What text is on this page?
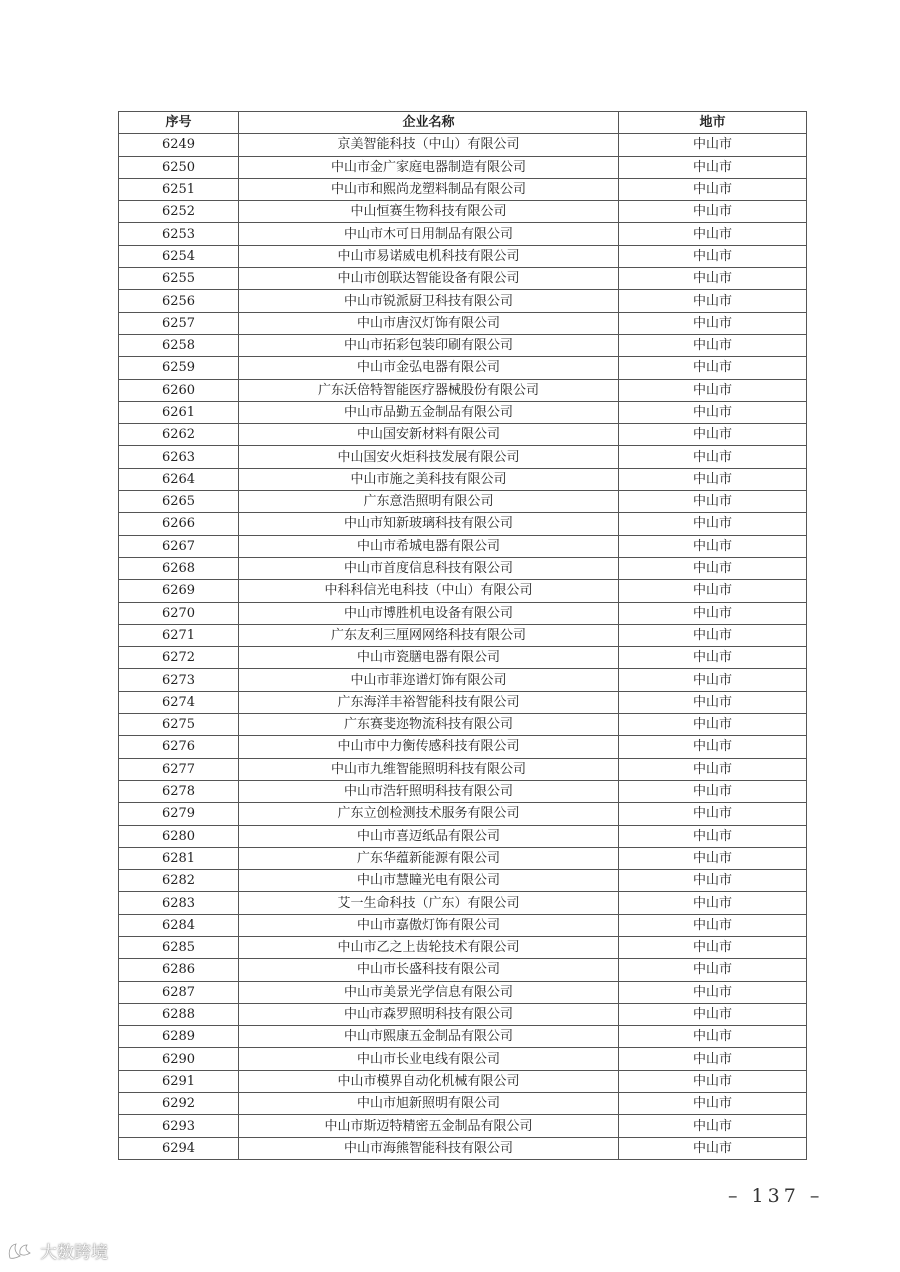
序号	企业名称	地市
6249	京美智能科技（中山）有限公司	中山市
6250	中山市金广家庭电器制造有限公司	中山市
6251	中山市和熙尚龙塑料制品有限公司	中山市
6252	中山恒赛生物科技有限公司	中山市
6253	中山市木可日用制品有限公司	中山市
6254	中山市易诺威电机科技有限公司	中山市
6255	中山市创联达智能设备有限公司	中山市
6256	中山市锐派厨卫科技有限公司	中山市
6257	中山市唐汉灯饰有限公司	中山市
6258	中山市拓彩包装印刷有限公司	中山市
6259	中山市金弘电器有限公司	中山市
6260	广东沃倍特智能医疗器械股份有限公司	中山市
6261	中山市品勤五金制品有限公司	中山市
6262	中山国安新材料有限公司	中山市
6263	中山国安火炬科技发展有限公司	中山市
6264	中山市施之美科技有限公司	中山市
6265	广东意浩照明有限公司	中山市
6266	中山市知新玻璃科技有限公司	中山市
6267	中山市希城电器有限公司	中山市
6268	中山市首度信息科技有限公司	中山市
6269	中科科信光电科技（中山）有限公司	中山市
6270	中山市博胜机电设备有限公司	中山市
6271	广东友利三厘网网络科技有限公司	中山市
6272	中山市瓷膳电器有限公司	中山市
6273	中山市菲迩谱灯饰有限公司	中山市
6274	广东海洋丰裕智能科技有限公司	中山市
6275	广东赛斐迩物流科技有限公司	中山市
6276	中山市中力衡传感科技有限公司	中山市
6277	中山市九维智能照明科技有限公司	中山市
6278	中山市浩轩照明科技有限公司	中山市
6279	广东立创检测技术服务有限公司	中山市
6280	中山市喜迈纸品有限公司	中山市
6281	广东华蕴新能源有限公司	中山市
6282	中山市慧瞳光电有限公司	中山市
6283	艾一生命科技（广东）有限公司	中山市
6284	中山市嘉傲灯饰有限公司	中山市
6285	中山市乙之上齿轮技术有限公司	中山市
6286	中山市长盛科技有限公司	中山市
6287	中山市美景光学信息有限公司	中山市
6288	中山市森罗照明科技有限公司	中山市
6289	中山市熙康五金制品有限公司	中山市
6290	中山市长业电线有限公司	中山市
6291	中山市模界自动化机械有限公司	中山市
6292	中山市旭新照明有限公司	中山市
6293	中山市斯迈特精密五金制品有限公司	中山市
6294	中山市海熊智能科技有限公司	中山市
– 137 –
大数跨境
